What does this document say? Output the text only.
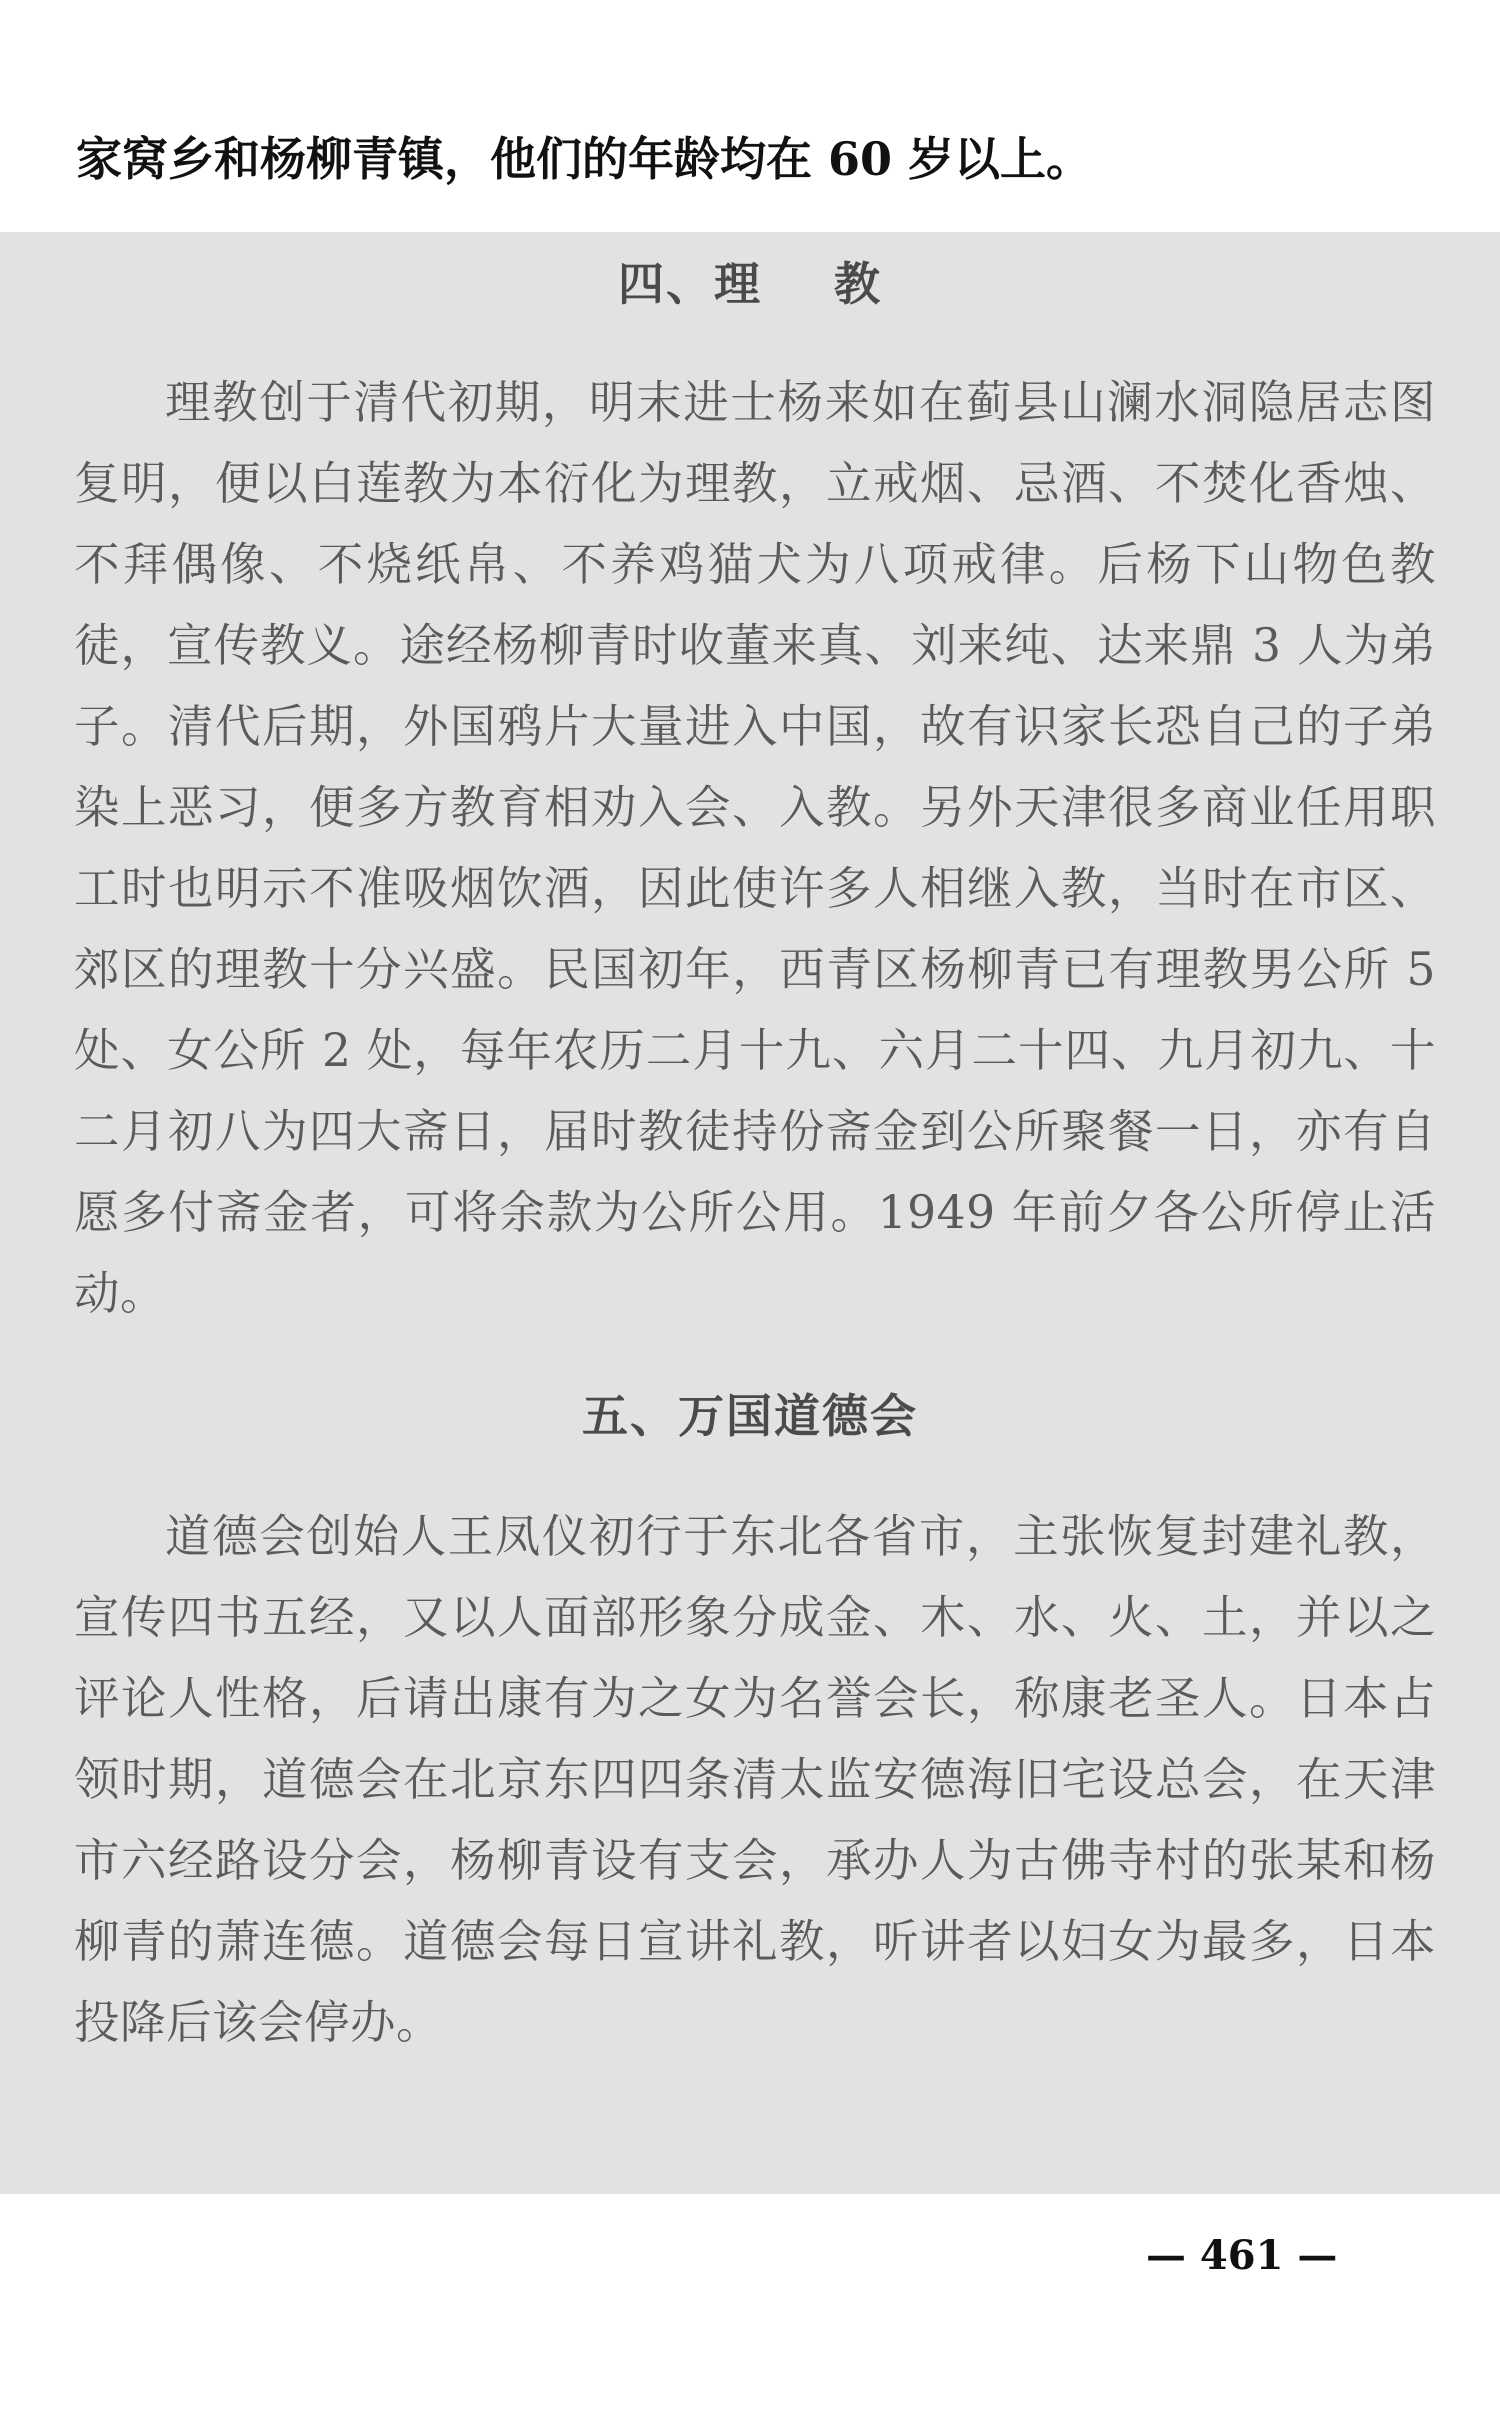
家窝乡和杨柳青镇，他们的年龄均在 60 岁以上。
四、理    教
理教创于清代初期，明末进士杨来如在蓟县山澜水洞隐居志图复明，便以白莲教为本衍化为理教，立戒烟、忌酒、不焚化香烛、不拜偶像、不烧纸帛、不养鸡猫犬为八项戒律。后杨下山物色教徒，宣传教义。途经杨柳青时收董来真、刘来纯、达来鼎 3 人为弟子。清代后期，外国鸦片大量进入中国，故有识家长恐自己的子弟染上恶习，便多方教育相劝入会、入教。另外天津很多商业任用职工时也明示不准吸烟饮酒，因此使许多人相继入教，当时在市区、郊区的理教十分兴盛。民国初年，西青区杨柳青已有理教男公所 5 处、女公所 2 处，每年农历二月十九、六月二十四、九月初九、十二月初八为四大斋日，届时教徒持份斋金到公所聚餐一日，亦有自愿多付斋金者，可将余款为公所公用。1949 年前夕各公所停止活动。
五、万国道德会
道德会创始人王凤仪初行于东北各省市，主张恢复封建礼教，宣传四书五经，又以人面部形象分成金、木、水、火、土，并以之评论人性格，后请出康有为之女为名誉会长，称康老圣人。日本占领时期，道德会在北京东四四条清太监安德海旧宅设总会，在天津市六经路设分会，杨柳青设有支会，承办人为古佛寺村的张某和杨柳青的萧连德。道德会每日宣讲礼教，听讲者以妇女为最多，日本投降后该会停办。
— 461 —
